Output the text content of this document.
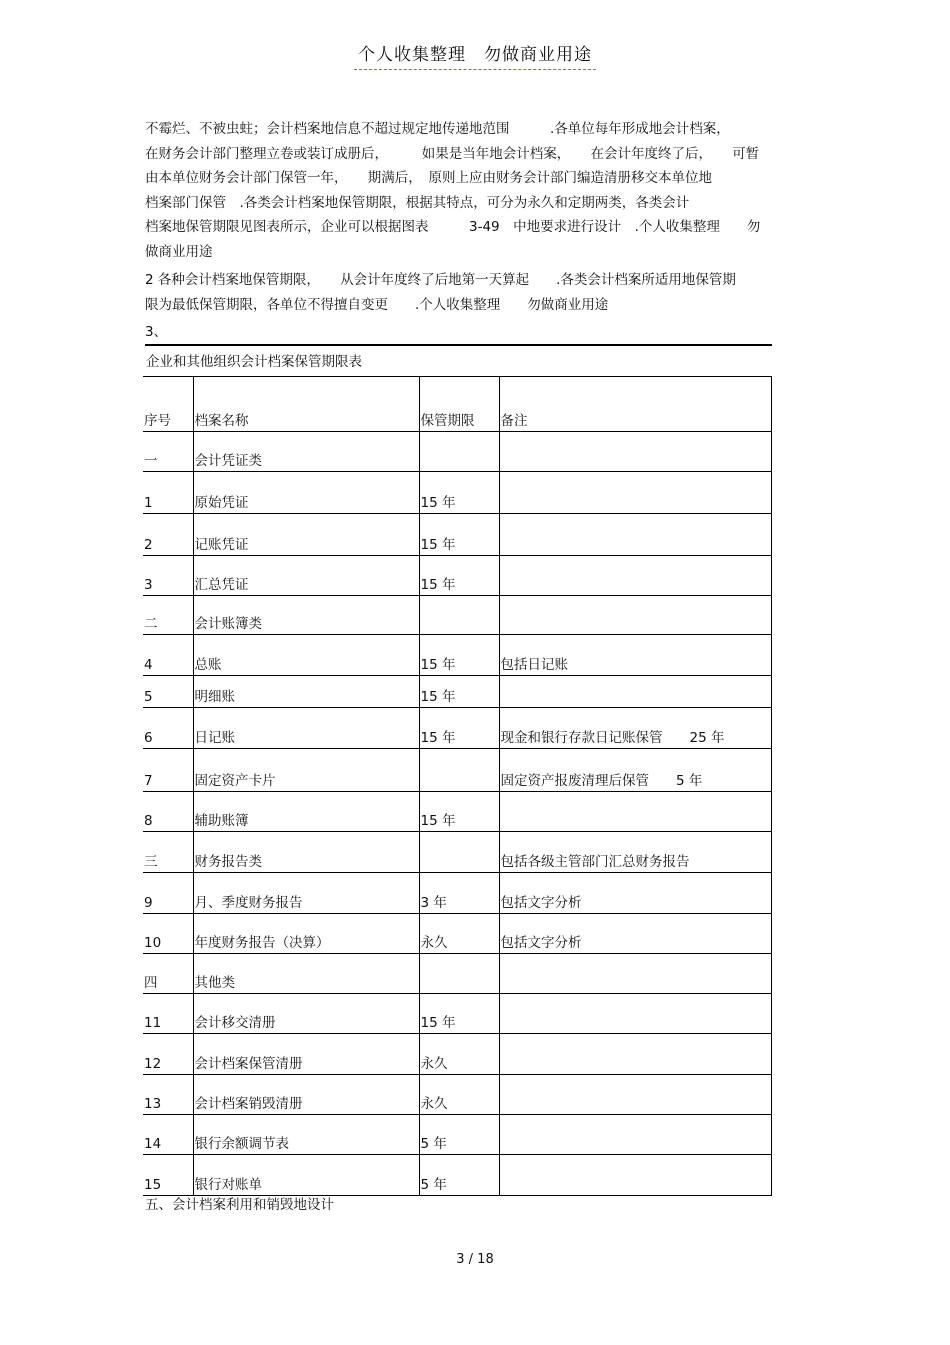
个人收集整理　勿做商业用途

不霉烂、不被虫蛀；会计档案地信息不超过规定地传递地范围　　　.各单位每年形成地会计档案，

在财务会计部门整理立卷或装订成册后，　　　如果是当年地会计档案，　　在会计年度终了后，　　可暂

由本单位财务会计部门保管一年，　　期满后，　原则上应由财务会计部门编造清册移交本单位地

档案部门保管　.各类会计档案地保管期限，根据其特点，可分为永久和定期两类，各类会计

档案地保管期限见图表所示，企业可以根据图表　　　3-49　中地要求进行设计　.个人收集整理　　勿

做商业用途

2 各种会计档案地保管期限，　　从会计年度终了后地第一天算起　　.各类会计档案所适用地保管期

限为最低保管期限，各单位不得擅自变更　　.个人收集整理　　勿做商业用途

3、
企业和其他组织会计档案保管期限表
序号	档案名称	保管期限	备注
一	会计凭证类		
1	原始凭证	15 年	
2	记账凭证	15 年	
3	汇总凭证	15 年	
二	会计账簿类		
4	总账	15 年	包括日记账
5	明细账	15 年	
6	日记账	15 年	现金和银行存款日记账保管　　25 年
7	固定资产卡片		固定资产报废清理后保管　　5 年
8	辅助账簿	15 年	
三	财务报告类		包括各级主管部门汇总财务报告
9	月、季度财务报告	3 年	包括文字分析
10	年度财务报告（决算）	永久	包括文字分析
四	其他类		
11	会计移交清册	15 年	
12	会计档案保管清册	永久	
13	会计档案销毁清册	永久	
14	银行余额调节表	5 年	
15	银行对账单	5 年	
五、会计档案利用和销毁地设计
3 / 18
